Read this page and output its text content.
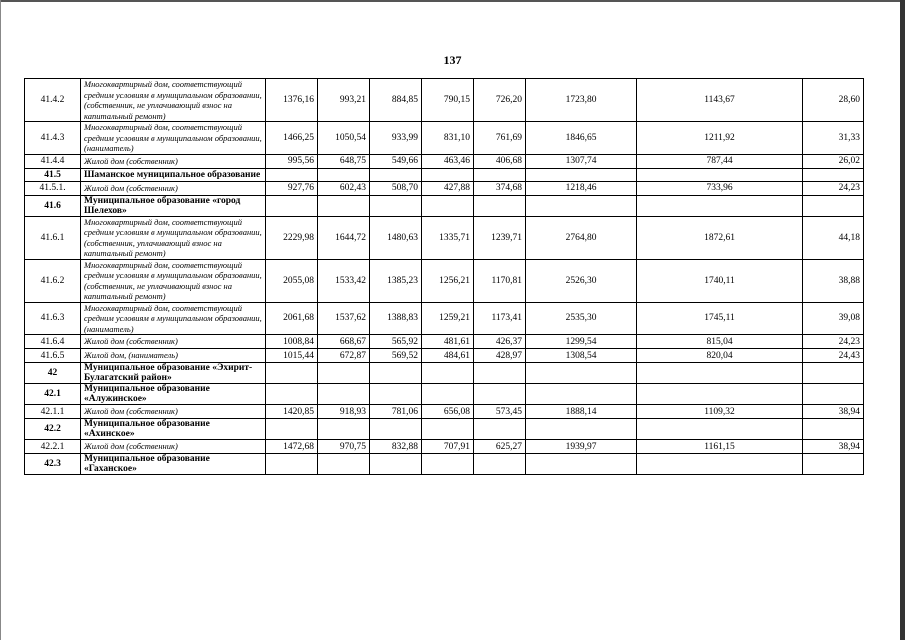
137
41.4.2	Многоквартирный дом, соответствующий средним условиям в муниципальном образовании, (собственник, не уплачивающий взнос на капитальный ремонт)	1376,16	993,21	884,85	790,15	726,20	1723,80	1143,67	28,60
41.4.3	Многоквартирный дом, соответствующий средним условиям в муниципальном образовании, (наниматель)	1466,25	1050,54	933,99	831,10	761,69	1846,65	1211,92	31,33
41.4.4	Жилой дом (собственник)	995,56	648,75	549,66	463,46	406,68	1307,74	787,44	26,02
41.5	Шаманское муниципальное образование								
41.5.1.	Жилой дом (собственник)	927,76	602,43	508,70	427,88	374,68	1218,46	733,96	24,23
41.6	Муниципальное образование «город Шелехов»								
41.6.1	Многоквартирный дом, соответствующий средним условиям в муниципальном образовании, (собственник, уплачивающий взнос на капитальный ремонт)	2229,98	1644,72	1480,63	1335,71	1239,71	2764,80	1872,61	44,18
41.6.2	Многоквартирный дом, соответствующий средним условиям в муниципальном образовании, (собственник, не уплачивающий взнос на капитальный ремонт)	2055,08	1533,42	1385,23	1256,21	1170,81	2526,30	1740,11	38,88
41.6.3	Многоквартирный дом, соответствующий средним условиям в муниципальном образовании, (наниматель)	2061,68	1537,62	1388,83	1259,21	1173,41	2535,30	1745,11	39,08
41.6.4	Жилой дом (собственник)	1008,84	668,67	565,92	481,61	426,37	1299,54	815,04	24,23
41.6.5	Жилой дом, (наниматель)	1015,44	672,87	569,52	484,61	428,97	1308,54	820,04	24,43
42	Муниципальное образование «Эхирит-Булагатский район»								
42.1	Муниципальное образование «Алужинское»								
42.1.1	Жилой дом (собственник)	1420,85	918,93	781,06	656,08	573,45	1888,14	1109,32	38,94
42.2	Муниципальное образование «Ахинское»								
42.2.1	Жилой дом (собственник)	1472,68	970,75	832,88	707,91	625,27	1939,97	1161,15	38,94
42.3	Муниципальное образование «Гаханское»								
